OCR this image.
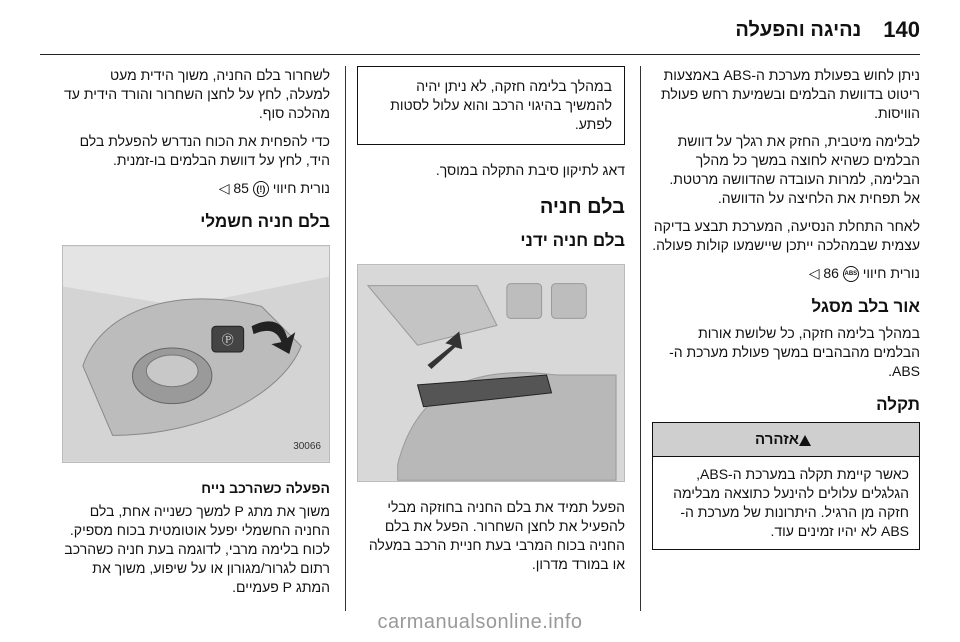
140
נהיגה והפעלה

ניתן לחוש בפעולת מערכת ה-ABS באמצעות ריטוט בדוושת הבלמים ובשמיעת רחש פעולת הוויסות.

לבלימה מיטבית, החזק את רגלך על דוושת הבלמים כשהיא לחוצה במשך כל מהלך הבלימה, למרות העובדה שהדוושה מרטטת. אל תפחית את הלחיצה על הדוושה.

לאחר התחלת הנסיעה, המערכת תבצע בדיקה עצמית שבמהלכה ייתכן שיישמעו קולות פעולה.

נורית חיווי ABS 86 ◁

אור בלב מסגל

במהלך בלימה חזקה, כל שלושת אורות הבלמים מהבהבים במשך פעולת מערכת ה-ABS.

תקלה
אזהרה
כאשר קיימת תקלה במערכת ה-ABS, הגלגלים עלולים להינעל כתוצאה מבלימה חזקה מן הרגיל. היתרונות של מערכת ה-ABS לא יהיו זמינים עוד.
במהלך בלימה חזקה, לא ניתן יהיה להמשיך בהיגוי הרכב והוא עלול לסטות לפתע.

דאג לתיקון סיבת התקלה במוסך.

בלם חניה
בלם חניה ידני

הפעל תמיד את בלם החניה בחוזקה מבלי להפעיל את לחצן השחרור. הפעל את בלם החניה בכוח המרבי בעת חניית הרכב במעלה או במורד מדרון.

לשחרור בלם החניה, משוך הידית מעט למעלה, לחץ על לחצן השחרור והורד הידית עד מהלכה סוף.

כדי להפחית את הכוח הנדרש להפעלת בלם היד, לחץ על דוושת הבלמים בו-זמנית.

נורית חיווי (!) 85 ◁

בלם חניה חשמלי
Ⓟ
30066
הפעלה כשהרכב נייח

משוך את מתג P למשך כשנייה אחת, בלם החניה החשמלי יפעל אוטומטית בכוח מספיק. לכוח בלימה מרבי, לדוגמה בעת חניה כשהרכב רתום לגרור/מגורון או על שיפוע, משוך את המתג P פעמיים.

carmanualsonline.info
